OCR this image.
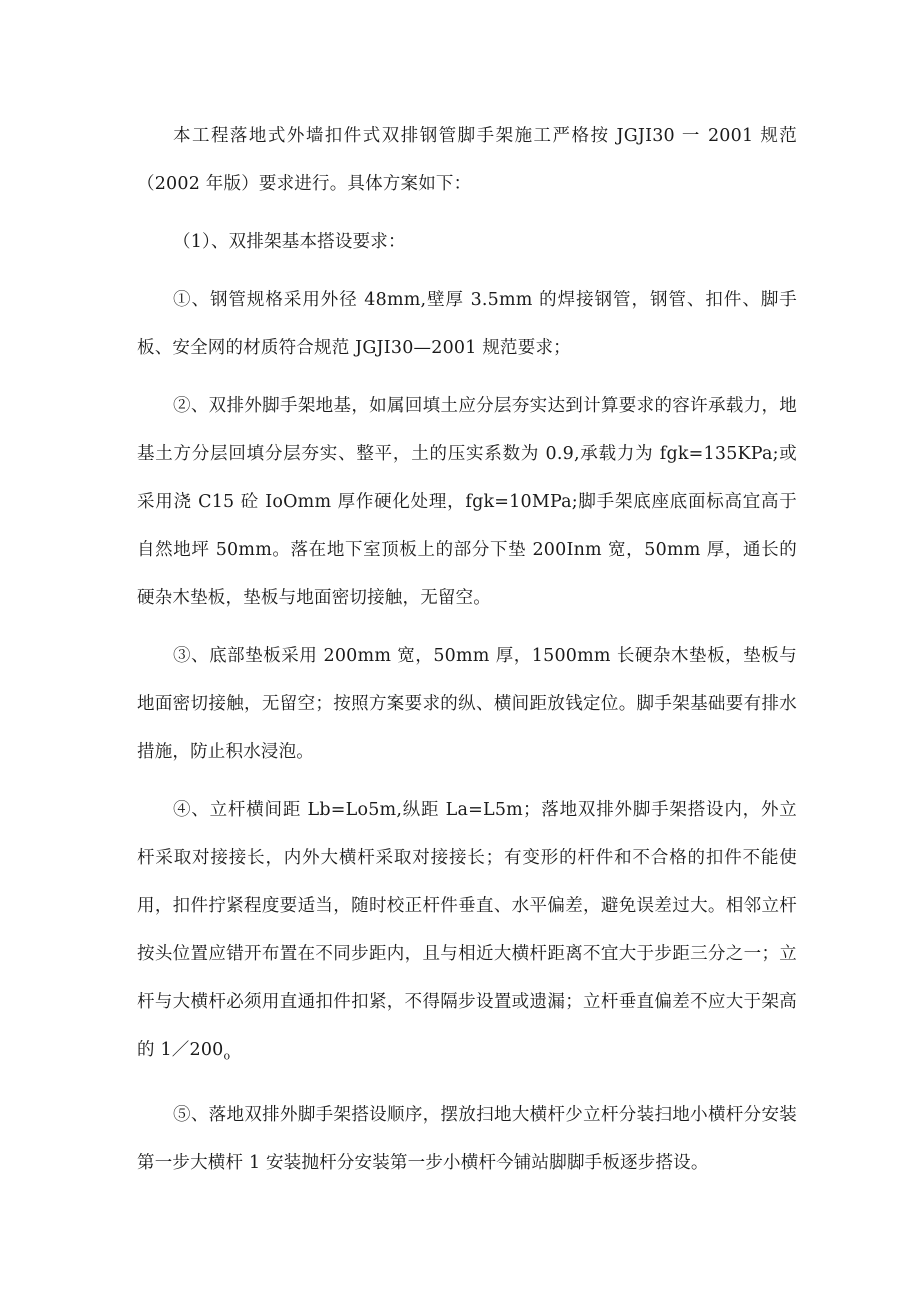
本工程落地式外墙扣件式双排钢管脚手架施工严格按 JGJI30 一 2001 规范（2002 年版）要求进行。具体方案如下：

（1）、双排架基本搭设要求：

①、钢管规格采用外径 48mm,壁厚 3.5mm 的焊接钢管，钢管、扣件、脚手板、安全网的材质符合规范 JGJI30—2001 规范要求；

②、双排外脚手架地基，如属回填土应分层夯实达到计算要求的容许承载力，地基土方分层回填分层夯实、整平，土的压实系数为 0.9,承载力为 fgk=135KPa;或采用浇 C15 砼 IoOmm 厚作硬化处理，fgk=10MPa;脚手架底座底面标高宜高于自然地坪 50mm。落在地下室顶板上的部分下垫 200Inm 宽，50mm 厚，通长的硬杂木垫板，垫板与地面密切接触，无留空。

③、底部垫板采用 200mm 宽，50mm 厚，1500mm 长硬杂木垫板，垫板与地面密切接触，无留空；按照方案要求的纵、横间距放钱定位。脚手架基础要有排水措施，防止积水浸泡。

④、立杆横间距 Lb=Lo5m,纵距 La=L5m；落地双排外脚手架搭设内，外立杆采取对接接长，内外大横杆采取对接接长；有变形的杆件和不合格的扣件不能使用，扣件拧紧程度要适当，随时校正杆件垂直、水平偏差，避免误差过大。相邻立杆按头位置应错开布置在不同步距内，且与相近大横杆距离不宜大于步距三分之一；立杆与大横杆必须用直通扣件扣紧，不得隔步设置或遗漏；立杆垂直偏差不应大于架高的 $1/200_o$

⑤、落地双排外脚手架搭设顺序，摆放扫地大横杆少立杆分装扫地小横杆分安装第一步大横杆 1 安装抛杆分安装第一步小横杆今铺站脚脚手板逐步搭设。
